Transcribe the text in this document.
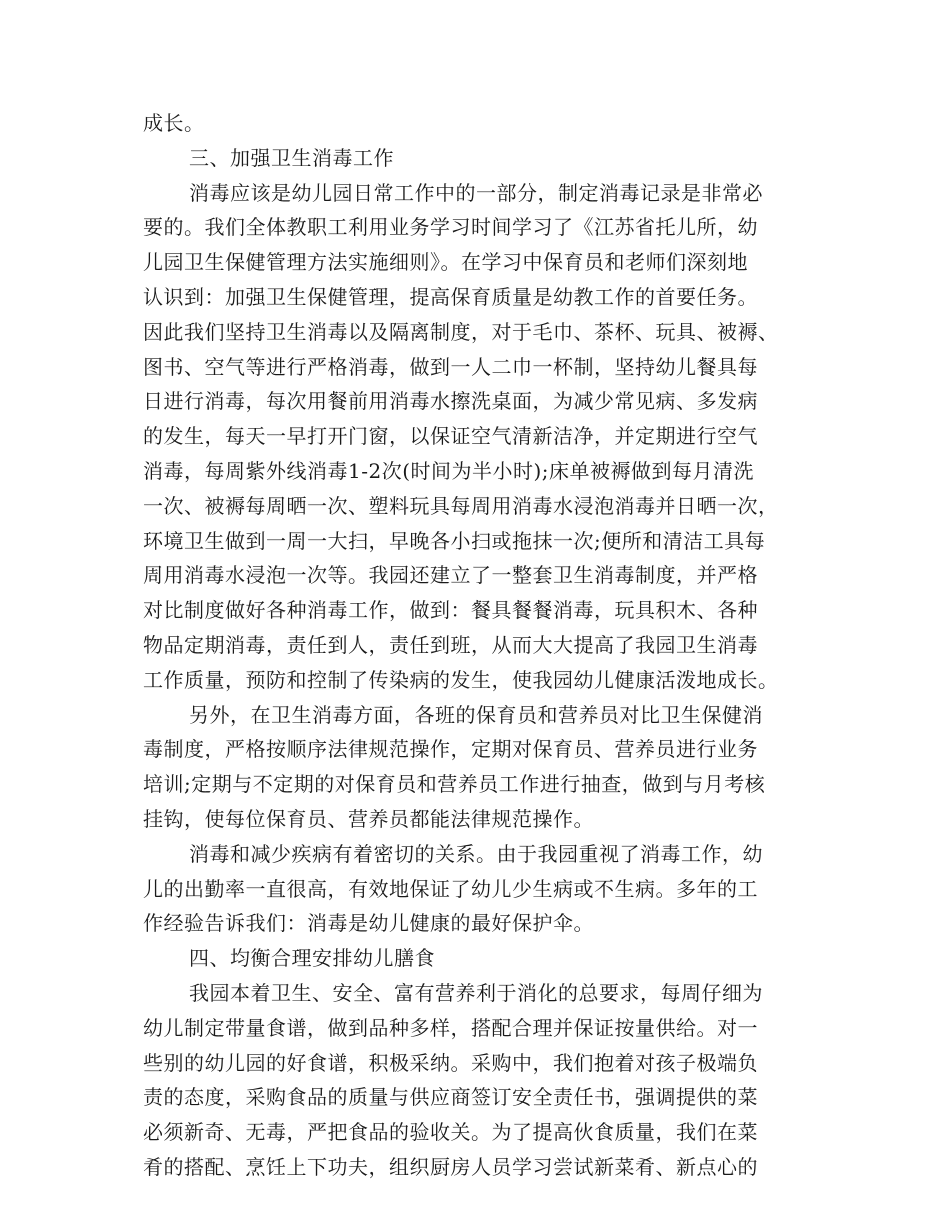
成长。
三、加强卫生消毒工作
消毒应该是幼儿园日常工作中的一部分，制定消毒记录是非常必
要的。我们全体教职工利用业务学习时间学习了《江苏省托儿所，幼
儿园卫生保健管理方法实施细则》。在学习中保育员和老师们深刻地
认识到：加强卫生保健管理，提高保育质量是幼教工作的首要任务。
因此我们坚持卫生消毒以及隔离制度，对于毛巾、茶杯、玩具、被褥、
图书、空气等进行严格消毒，做到一人二巾一杯制，坚持幼儿餐具每
日进行消毒，每次用餐前用消毒水擦洗桌面，为减少常见病、多发病
的发生，每天一早打开门窗，以保证空气清新洁净，并定期进行空气
消毒，每周紫外线消毒1-2次(时间为半小时);床单被褥做到每月清洗
一次、被褥每周晒一次、塑料玩具每周用消毒水浸泡消毒并日晒一次，
环境卫生做到一周一大扫，早晚各小扫或拖抹一次;便所和清洁工具每
周用消毒水浸泡一次等。我园还建立了一整套卫生消毒制度，并严格
对比制度做好各种消毒工作，做到：餐具餐餐消毒，玩具积木、各种
物品定期消毒，责任到人，责任到班，从而大大提高了我园卫生消毒
工作质量，预防和控制了传染病的发生，使我园幼儿健康活泼地成长。
另外，在卫生消毒方面，各班的保育员和营养员对比卫生保健消
毒制度，严格按顺序法律规范操作，定期对保育员、营养员进行业务
培训;定期与不定期的对保育员和营养员工作进行抽查，做到与月考核
挂钩，使每位保育员、营养员都能法律规范操作。
消毒和减少疾病有着密切的关系。由于我园重视了消毒工作，幼
儿的出勤率一直很高，有效地保证了幼儿少生病或不生病。多年的工
作经验告诉我们：消毒是幼儿健康的最好保护伞。
四、均衡合理安排幼儿膳食
我园本着卫生、安全、富有营养利于消化的总要求，每周仔细为
幼儿制定带量食谱，做到品种多样，搭配合理并保证按量供给。对一
些别的幼儿园的好食谱，积极采纳。采购中，我们抱着对孩子极端负
责的态度，采购食品的质量与供应商签订安全责任书，强调提供的菜
必须新奇、无毒，严把食品的验收关。为了提高伙食质量，我们在菜
肴的搭配、烹饪上下功夫，组织厨房人员学习尝试新菜肴、新点心的
